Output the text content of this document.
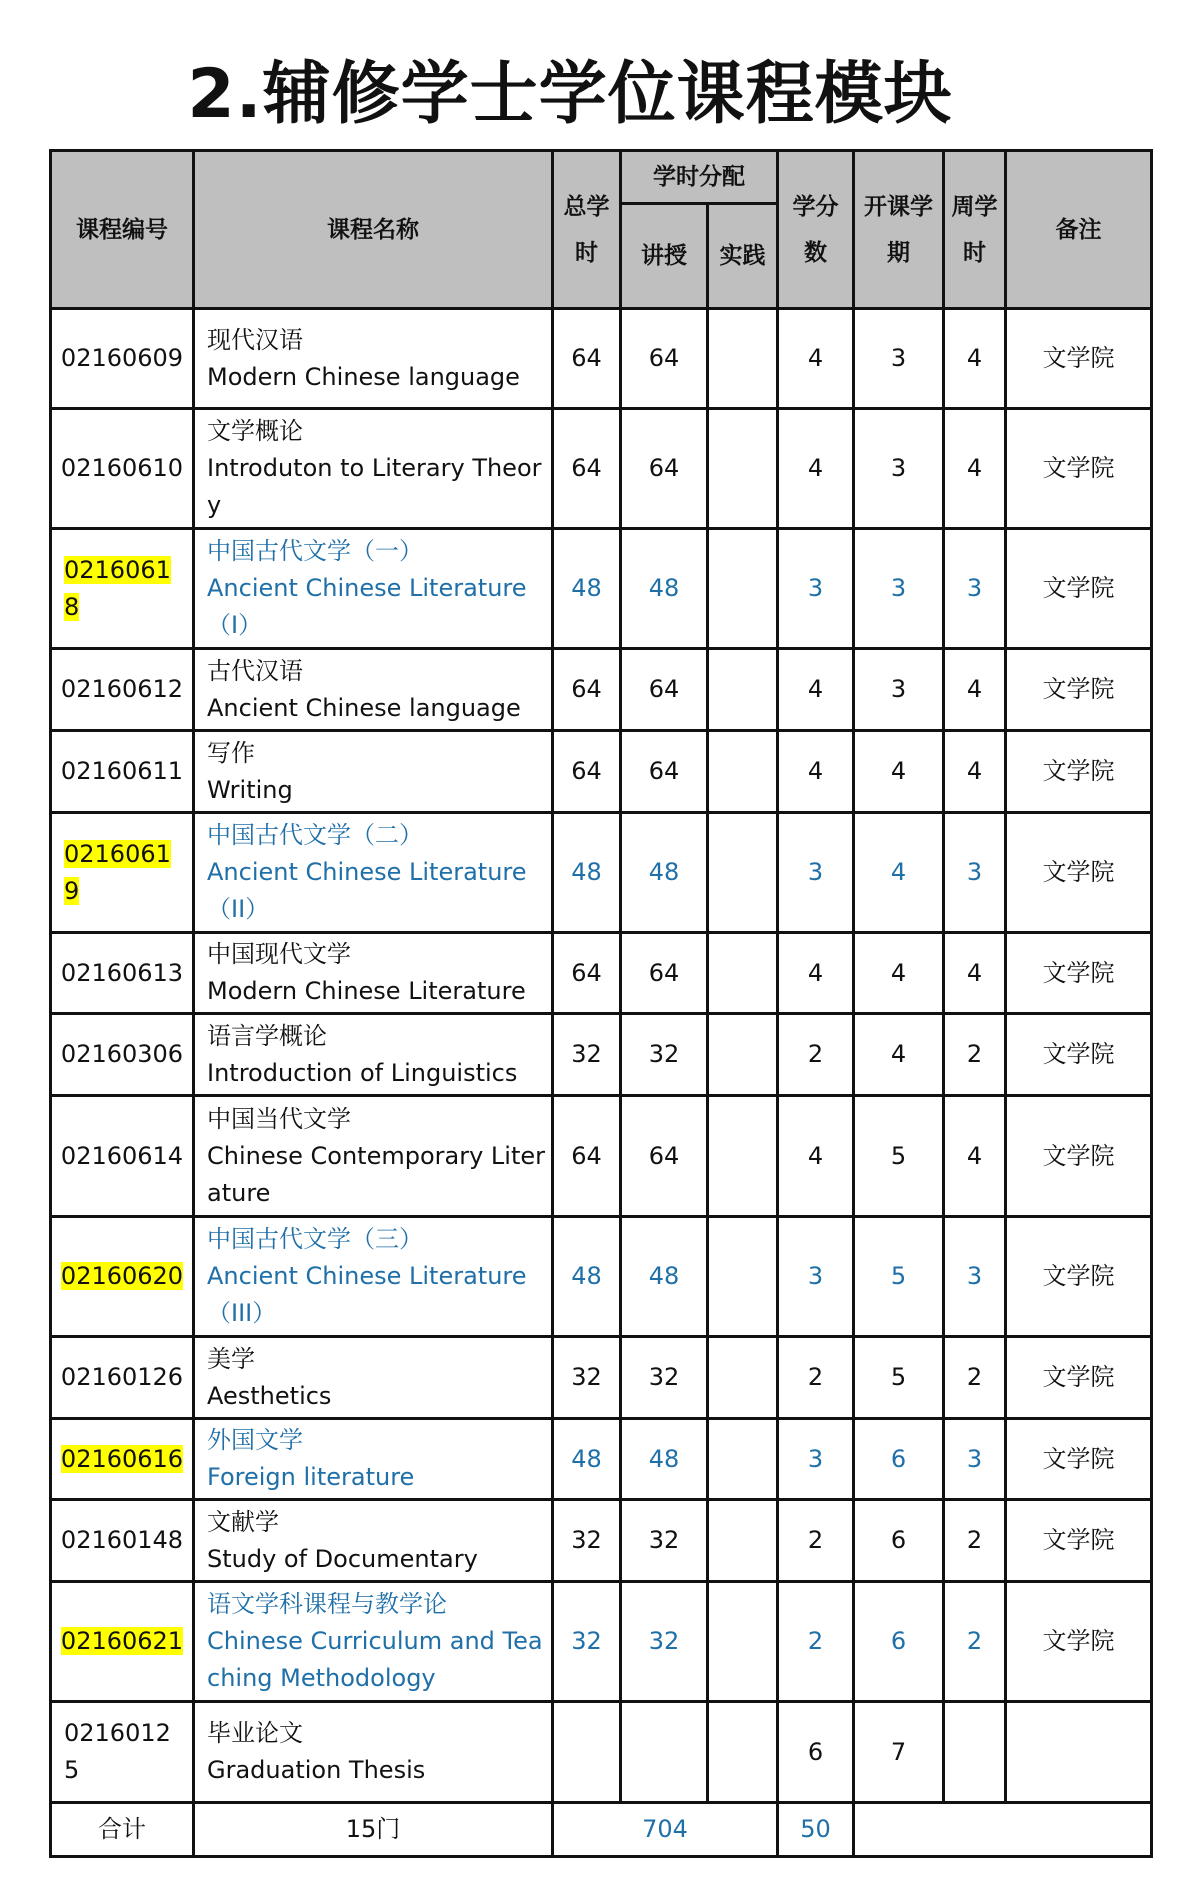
2.辅修学士学位课程模块
课程编号	课程名称	总学时	学时分配		学分数	开课学期	周学时	备注
			讲授	实践				
02160609	现代汉语
Modern Chinese language	64	64		4	3	4	文学院
02160610	文学概论
Introduton to Literary Theory	64	64		4	3	4	文学院
02160618	中国古代文学（一）
Ancient Chinese Literature（I）	48	48		3	3	3	文学院
02160612	古代汉语
Ancient Chinese language	64	64		4	3	4	文学院
02160611	写作
Writing	64	64		4	4	4	文学院
02160619	中国古代文学（二）
Ancient Chinese Literature（II）	48	48		3	4	3	文学院
02160613	中国现代文学
Modern Chinese Literature	64	64		4	4	4	文学院
02160306	语言学概论
Introduction of Linguistics	32	32		2	4	2	文学院
02160614	中国当代文学
Chinese Contemporary Literature	64	64		4	5	4	文学院
02160620	中国古代文学（三）
Ancient Chinese Literature（III）	48	48		3	5	3	文学院
02160126	美学
Aesthetics	32	32		2	5	2	文学院
02160616	外国文学
Foreign literature	48	48		3	6	3	文学院
02160148	文献学
Study of Documentary	32	32		2	6	2	文学院
02160621	语文学科课程与教学论
Chinese Curriculum and Teaching Methodology	32	32		2	6	2	文学院
02160125	毕业论文
Graduation Thesis				6	7		
合计	15门	704			50			
